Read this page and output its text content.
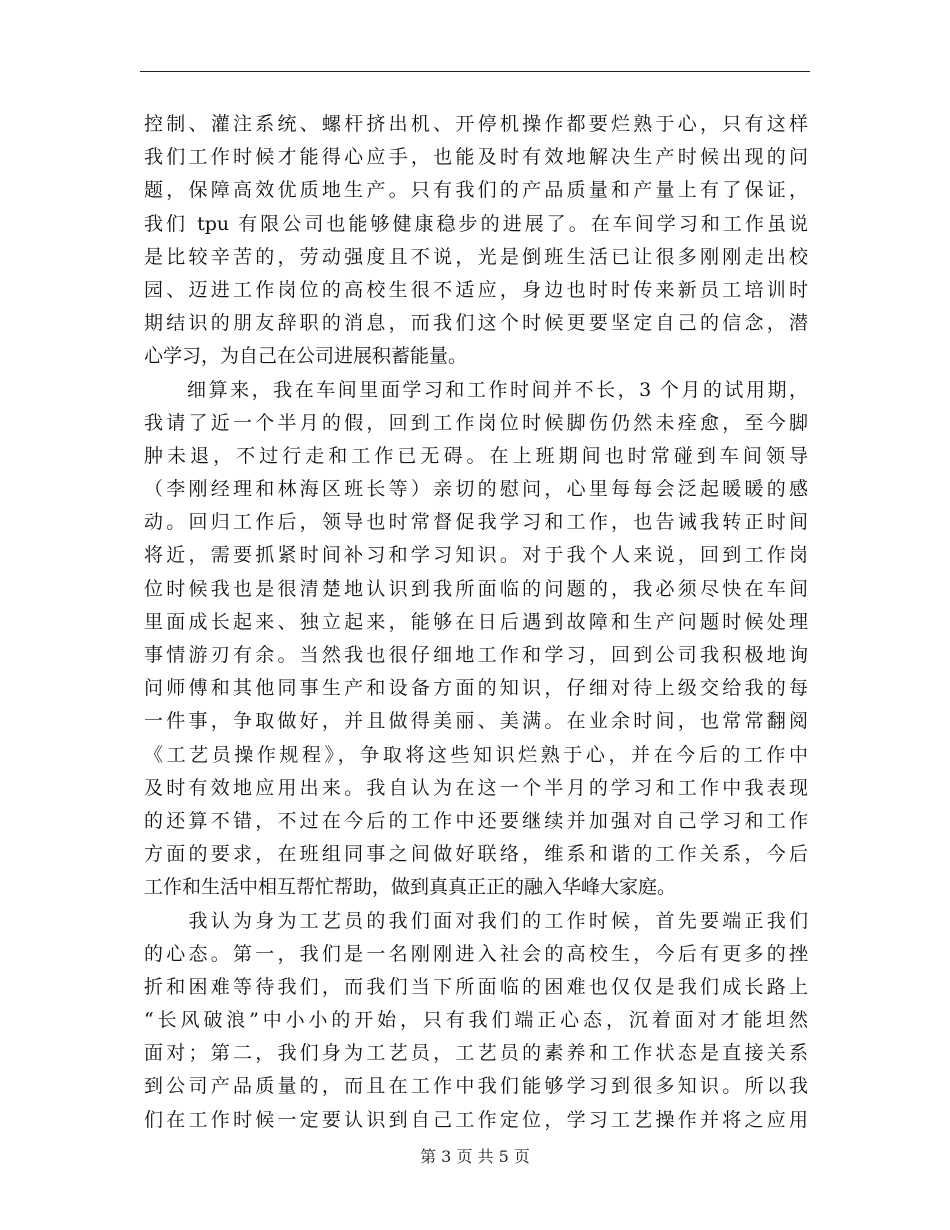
控制、灌注系统、螺杆挤出机、开停机操作都要烂熟于心，只有这样
我们工作时候才能得心应手，也能及时有效地解决生产时候出现的问
题，保障高效优质地生产。只有我们的产品质量和产量上有了保证，
我们 tpu 有限公司也能够健康稳步的进展了。在车间学习和工作虽说
是比较辛苦的，劳动强度且不说，光是倒班生活已让很多刚刚走出校
园、迈进工作岗位的高校生很不适应，身边也时时传来新员工培训时
期结识的朋友辞职的消息，而我们这个时候更要坚定自己的信念，潜
心学习，为自己在公司进展积蓄能量。
　　细算来，我在车间里面学习和工作时间并不长，3 个月的试用期，
我请了近一个半月的假，回到工作岗位时候脚伤仍然未痊愈，至今脚
肿未退，不过行走和工作已无碍。在上班期间也时常碰到车间领导
（李刚经理和林海区班长等）亲切的慰问，心里每每会泛起暖暖的感
动。回归工作后，领导也时常督促我学习和工作，也告诫我转正时间
将近，需要抓紧时间补习和学习知识。对于我个人来说，回到工作岗
位时候我也是很清楚地认识到我所面临的问题的，我必须尽快在车间
里面成长起来、独立起来，能够在日后遇到故障和生产问题时候处理
事情游刃有余。当然我也很仔细地工作和学习，回到公司我积极地询
问师傅和其他同事生产和设备方面的知识，仔细对待上级交给我的每
一件事，争取做好，并且做得美丽、美满。在业余时间，也常常翻阅
《工艺员操作规程》，争取将这些知识烂熟于心，并在今后的工作中
及时有效地应用出来。我自认为在这一个半月的学习和工作中我表现
的还算不错，不过在今后的工作中还要继续并加强对自己学习和工作
方面的要求，在班组同事之间做好联络，维系和谐的工作关系，今后
工作和生活中相互帮忙帮助，做到真真正正的融入华峰大家庭。
　　我认为身为工艺员的我们面对我们的工作时候，首先要端正我们
的心态。第一，我们是一名刚刚进入社会的高校生，今后有更多的挫
折和困难等待我们，而我们当下所面临的困难也仅仅是我们成长路上
“长风破浪”中小小的开始，只有我们端正心态，沉着面对才能坦然
面对；第二，我们身为工艺员，工艺员的素养和工作状态是直接关系
到公司产品质量的，而且在工作中我们能够学习到很多知识。所以我
们在工作时候一定要认识到自己工作定位，学习工艺操作并将之应用
第 3 页 共 5 页
